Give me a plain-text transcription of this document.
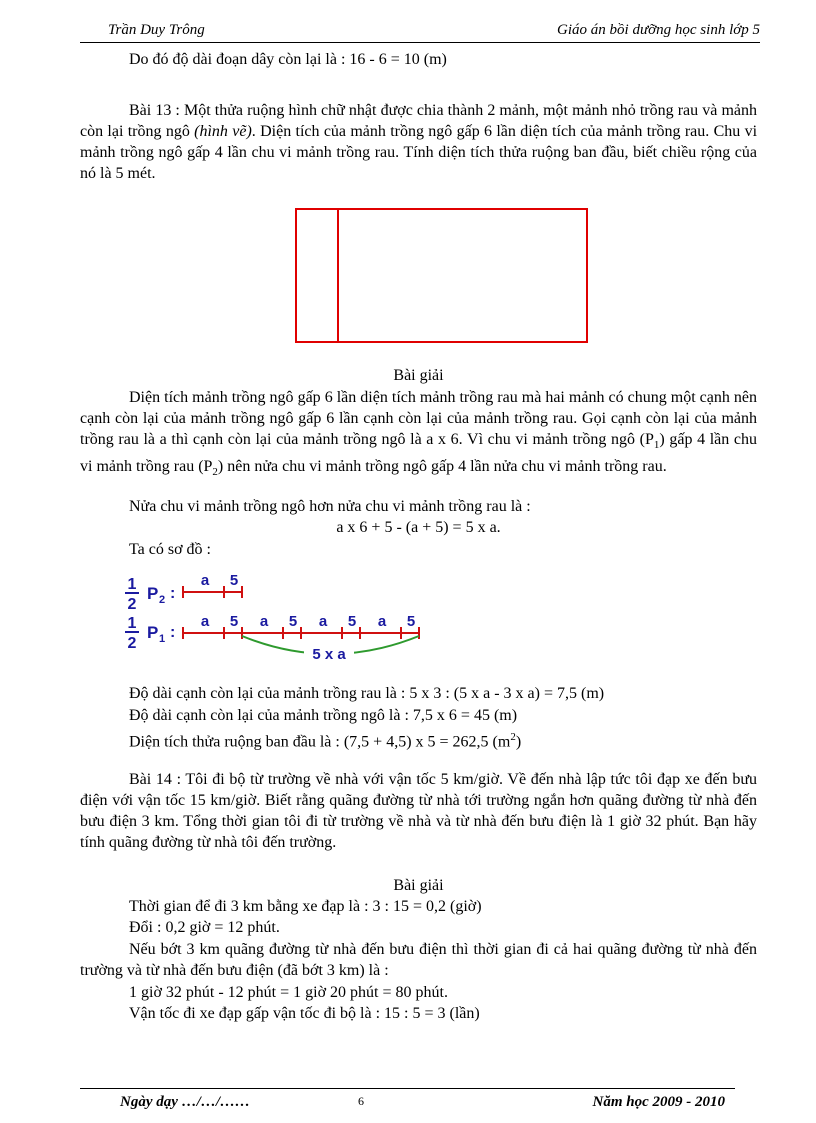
Trần Duy Trông	Giáo án bồi dưỡng học sinh lớp 5
Do đó độ dài đoạn dây còn lại là : 16 - 6 = 10 (m)
Bài 13 : Một thửa ruộng hình chữ nhật được chia thành 2 mảnh, một mảnh nhỏ trồng rau và mảnh còn lại trồng ngô (hình vẽ). Diện tích của mảnh trồng ngô gấp 6 lần diện tích của mảnh trồng rau. Chu vi mảnh trồng ngô gấp 4 lần chu vi mảnh trồng rau. Tính diện tích thửa ruộng ban đầu, biết chiều rộng của nó là 5 mét.
Bài giải
Diện tích mảnh trồng ngô gấp 6 lần diện tích mảnh trồng rau mà hai mảnh có chung một cạnh nên cạnh còn lại của mảnh trồng ngô gấp 6 lần cạnh còn lại của mảnh trồng rau. Gọi cạnh còn lại của mảnh trồng rau là a thì cạnh còn lại của mảnh trồng ngô là a x 6. Vì chu vi mảnh trồng ngô $(P_1)$ gấp 4 lần chu vi mảnh trồng rau $(P_2)$ nên nửa chu vi mảnh trồng ngô gấp 4 lần nửa chu vi mảnh trồng rau.
Nửa chu vi mảnh trồng ngô hơn nửa chu vi mảnh trồng rau là :
a x 6 + 5 - (a + 5) = 5 x a.
Ta có sơ đồ :
1
2
P 2 :
a 5
1
2
P 1 :
a 5 a 5 a 5 a 5
5 x a
Độ dài cạnh còn lại của mảnh trồng rau là : 5 x 3 : (5 x a - 3 x a) = 7,5 (m)
Độ dài cạnh còn lại của mảnh trồng ngô là : 7,5 x 6 = 45 (m)
Diện tích thửa ruộng ban đầu là : (7,5 + 4,5) x 5 = 262,5 $(m^2)$
Bài 14 : Tôi đi bộ từ trường về nhà với vận tốc 5 km/giờ. Về đến nhà lập tức tôi đạp xe đến bưu điện với vận tốc 15 km/giờ. Biết rằng quãng đường từ nhà tới trường ngắn hơn quãng đường từ nhà đến bưu điện 3 km. Tổng thời gian tôi đi từ trường về nhà và từ nhà đến bưu điện là 1 giờ 32 phút. Bạn hãy tính quãng đường từ nhà tôi đến trường.
Bài giải
Thời gian để đi 3 km bằng xe đạp là : 3 : 15 = 0,2 (giờ)
Đổi : 0,2 giờ = 12 phút.
Nếu bớt 3 km quãng đường từ nhà đến bưu điện thì thời gian đi cả hai quãng đường từ nhà đến trường và từ nhà đến bưu điện (đã bớt 3 km) là :
1 giờ 32 phút - 12 phút = 1 giờ 20 phút = 80 phút.
Vận tốc đi xe đạp gấp vận tốc đi bộ là : 15 : 5 = 3 (lần)
Ngày dạy …/…/……	6	Năm học 2009 - 2010
